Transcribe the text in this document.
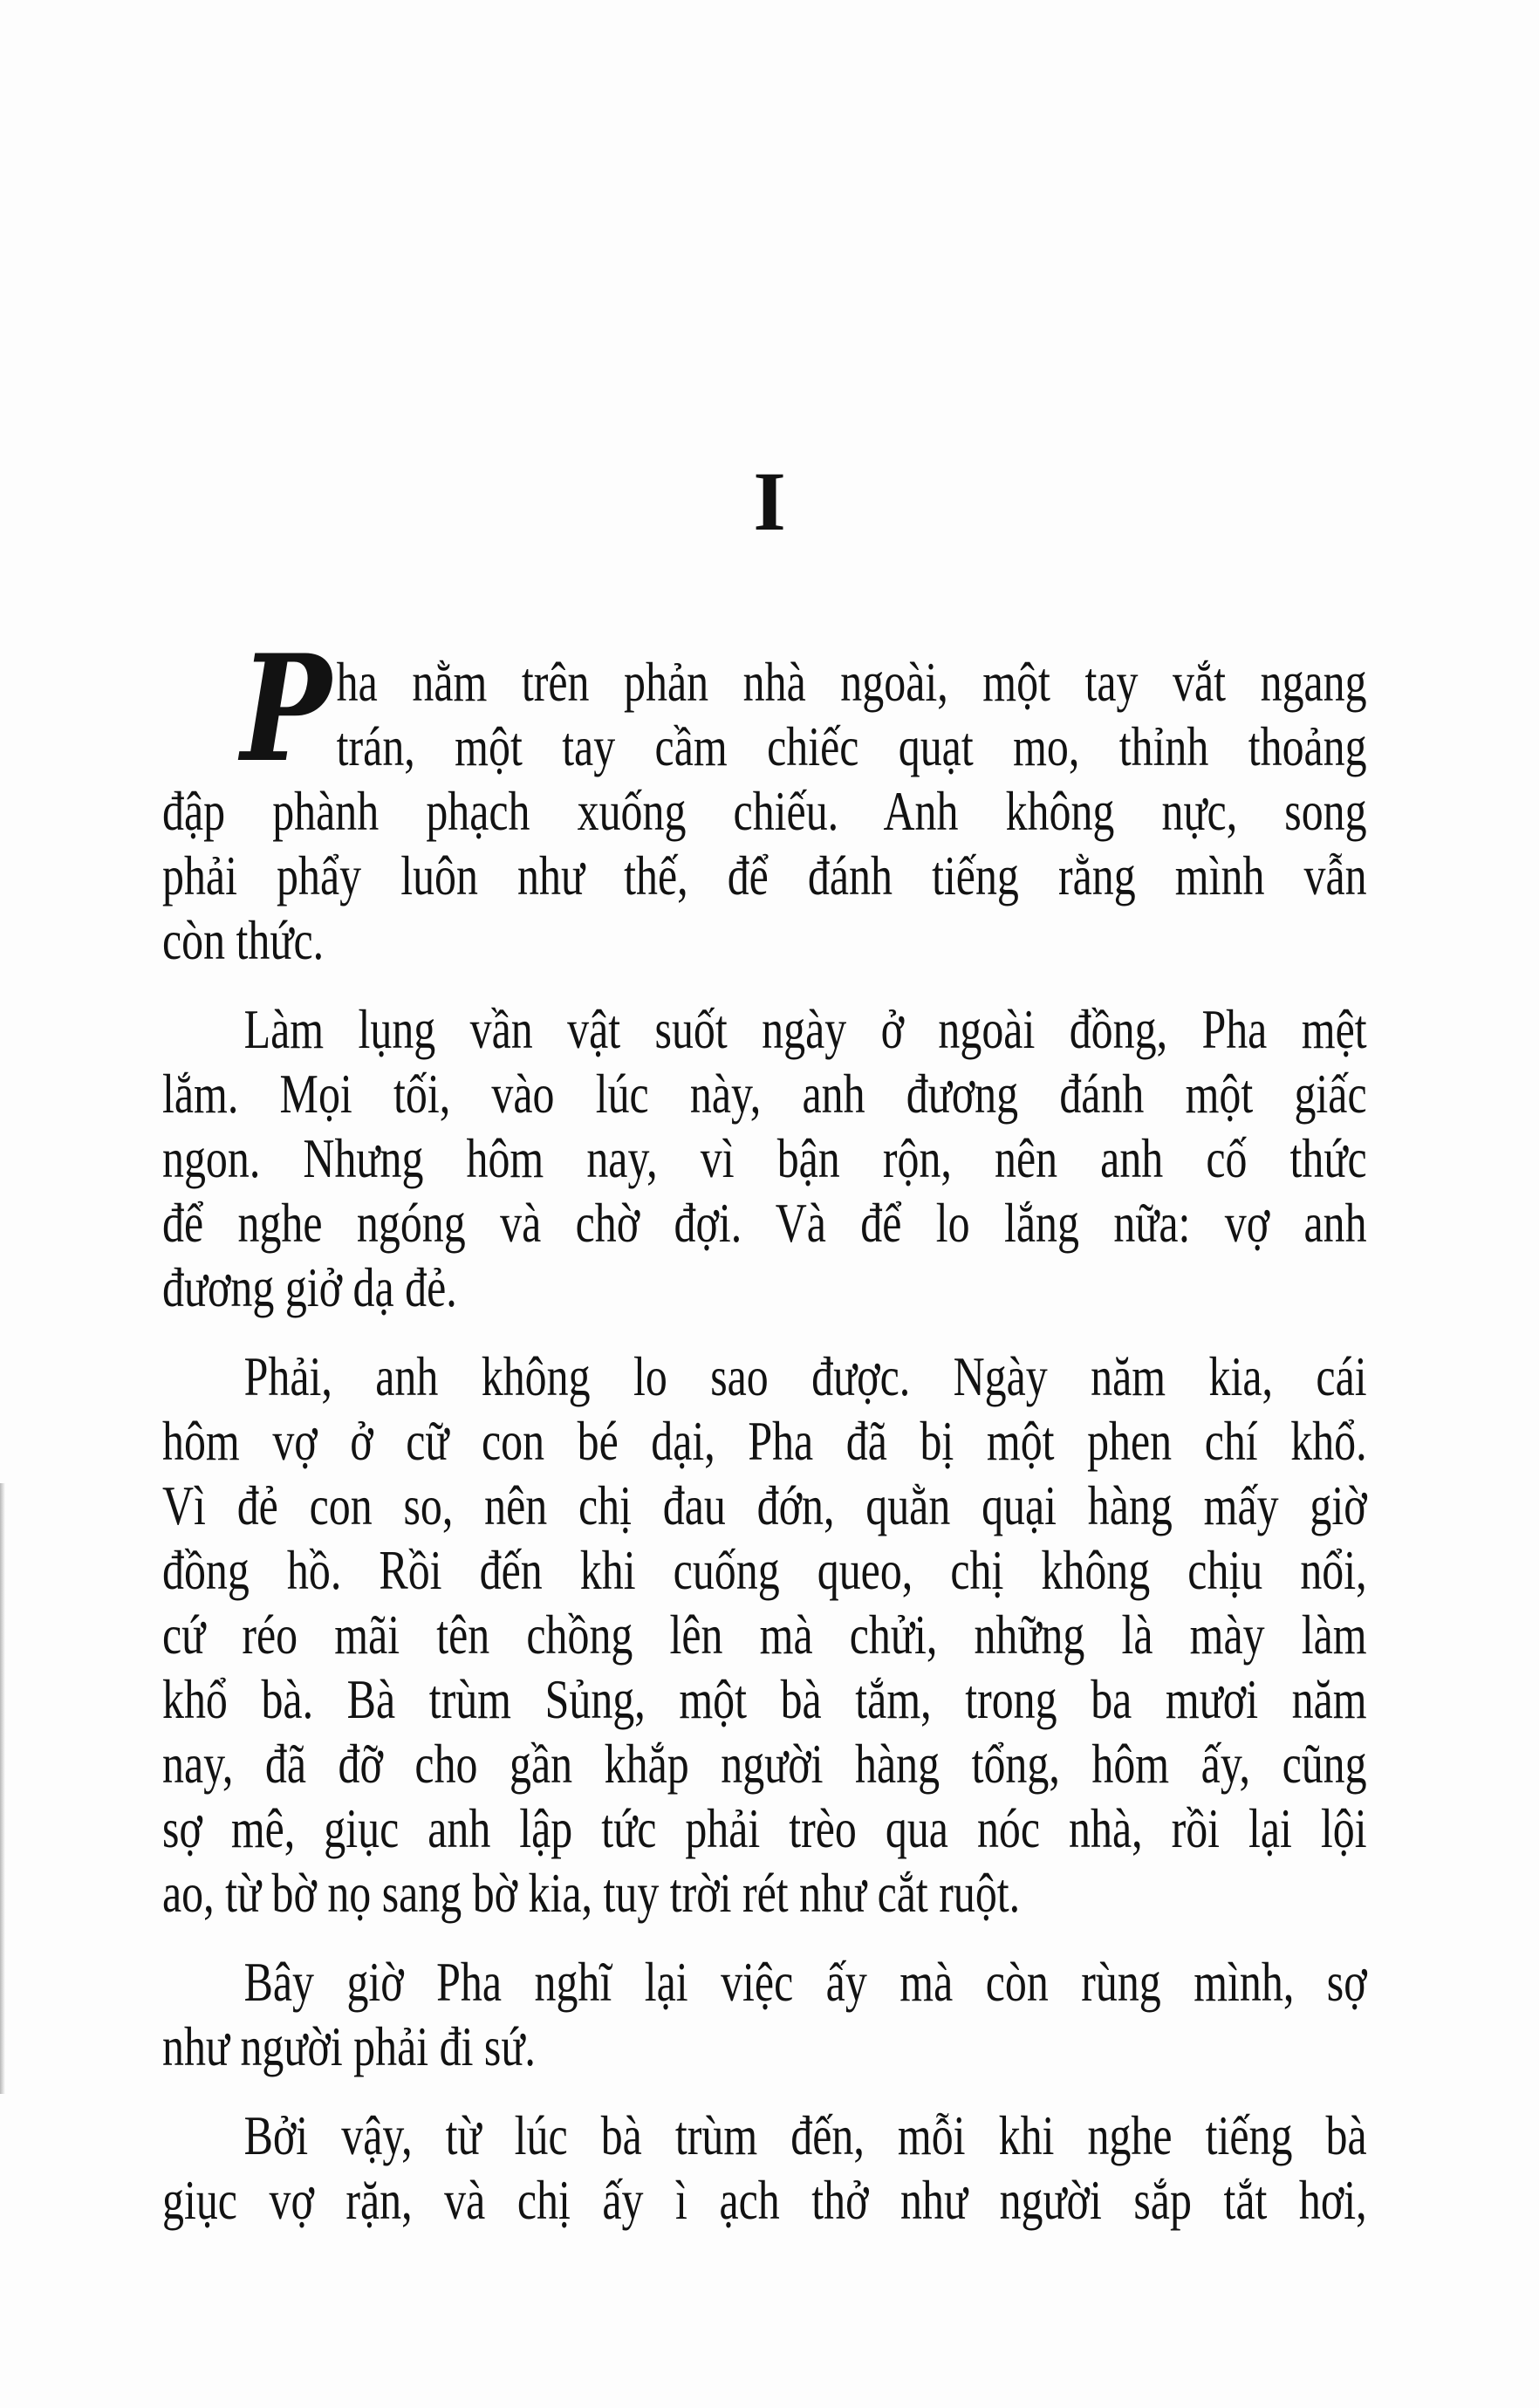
I
P ha nằm trên phản nhà ngoài, một tay vắt ngang
trán, một tay cầm chiếc quạt mo, thỉnh thoảng
đập phành phạch xuống chiếu. Anh không nực, song
phải phẩy luôn như thế, để đánh tiếng rằng mình vẫn
còn thức.
Làm lụng vần vật suốt ngày ở ngoài đồng, Pha mệt
lắm. Mọi tối, vào lúc này, anh đương đánh một giấc
ngon. Nhưng hôm nay, vì bận rộn, nên anh cố thức
để nghe ngóng và chờ đợi. Và để lo lắng nữa: vợ anh
đương giở dạ đẻ.
Phải, anh không lo sao được. Ngày năm kia, cái
hôm vợ ở cữ con bé dại, Pha đã bị một phen chí khổ.
Vì đẻ con so, nên chị đau đớn, quằn quại hàng mấy giờ
đồng hồ. Rồi đến khi cuống queo, chị không chịu nổi,
cứ réo mãi tên chồng lên mà chửi, những là mày làm
khổ bà. Bà trùm Sủng, một bà tắm, trong ba mươi năm
nay, đã đỡ cho gần khắp người hàng tổng, hôm ấy, cũng
sợ mê, giục anh lập tức phải trèo qua nóc nhà, rồi lại lội
ao, từ bờ nọ sang bờ kia, tuy trời rét như cắt ruột.
Bây giờ Pha nghĩ lại việc ấy mà còn rùng mình, sợ
như người phải đi sứ.
Bởi vậy, từ lúc bà trùm đến, mỗi khi nghe tiếng bà
giục vợ rặn, và chị ấy ì ạch thở như người sắp tắt hơi,
